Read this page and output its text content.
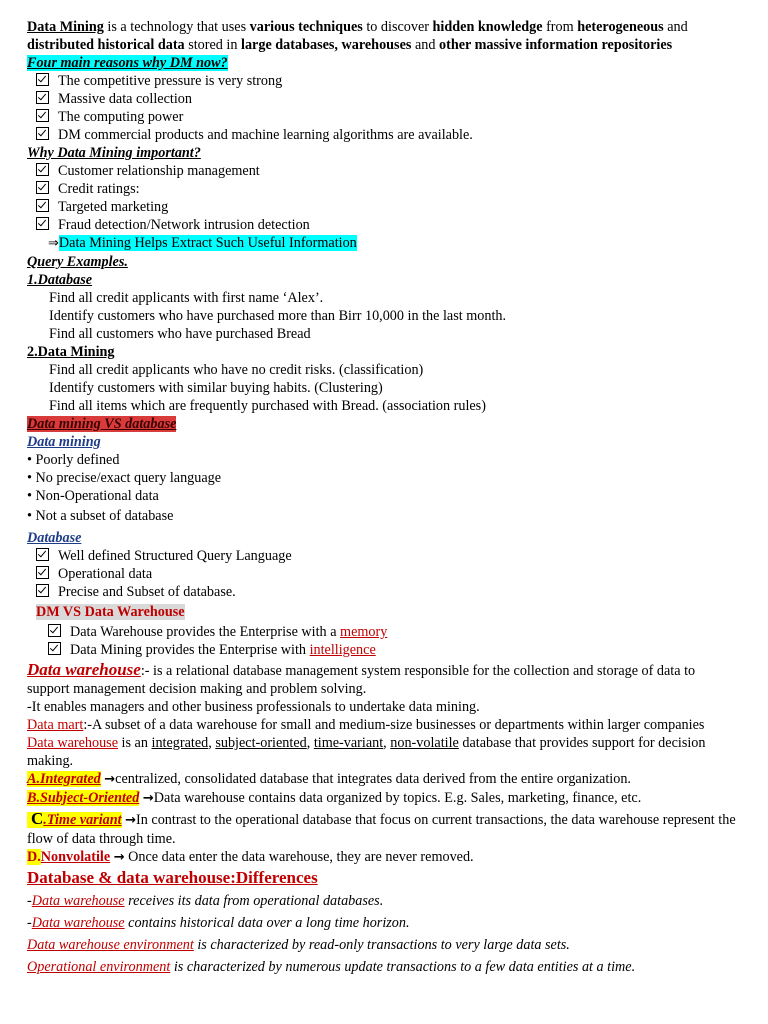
Data Mining is a technology that uses various techniques to discover hidden knowledge from heterogeneous and
distributed historical data stored in large databases, warehouses and other massive information repositories
Four main reasons why DM now?
The competitive pressure is very strong
Massive data collection
The computing power
DM commercial products and machine learning algorithms are available.
Why Data Mining important?
Customer relationship management
Credit ratings:
Targeted marketing
Fraud detection/Network intrusion detection
⇒Data Mining Helps Extract Such Useful Information
Query Examples.
1.Database
Find all credit applicants with first name ‘Alex’.
Identify customers who have purchased more than Birr 10,000 in the last month.
Find all customers who have purchased Bread
2.Data Mining
Find all credit applicants who have no credit risks. (classification)
Identify customers with similar buying habits. (Clustering)
Find all items which are frequently purchased with Bread. (association rules)
Data mining VS database
Data mining
• Poorly defined
• No precise/exact query language
• Non-Operational data
• Not a subset of database
Database
Well defined Structured Query Language
Operational data
Precise and Subset of database.
DM VS Data Warehouse
Data Warehouse provides the Enterprise with a memory
Data Mining provides the Enterprise with intelligence
Data warehouse:- is a relational database management system responsible for the collection and storage of data to support management decision making and problem solving.
-It enables managers and other business professionals to undertake data mining.
Data mart:-A subset of a data warehouse for small and medium-size businesses or departments within larger companies
Data warehouse is an integrated, subject-oriented, time-variant, non-volatile database that provides support for decision making.
A.Integrated →centralized, consolidated database that integrates data derived from the entire organization.
B.Subject-Oriented →Data warehouse contains data organized by topics. E.g. Sales, marketing, finance, etc.
C.Time variant →In contrast to the operational database that focus on current transactions, the data warehouse represent the flow of data through time.
D.Nonvolatile → Once data enter the data warehouse, they are never removed.
Database & data warehouse:Differences
-Data warehouse receives its data from operational databases.
-Data warehouse contains historical data over a long time horizon.
Data warehouse environment is characterized by read-only transactions to very large data sets.
Operational environment is characterized by numerous update transactions to a few data entities at a time.
